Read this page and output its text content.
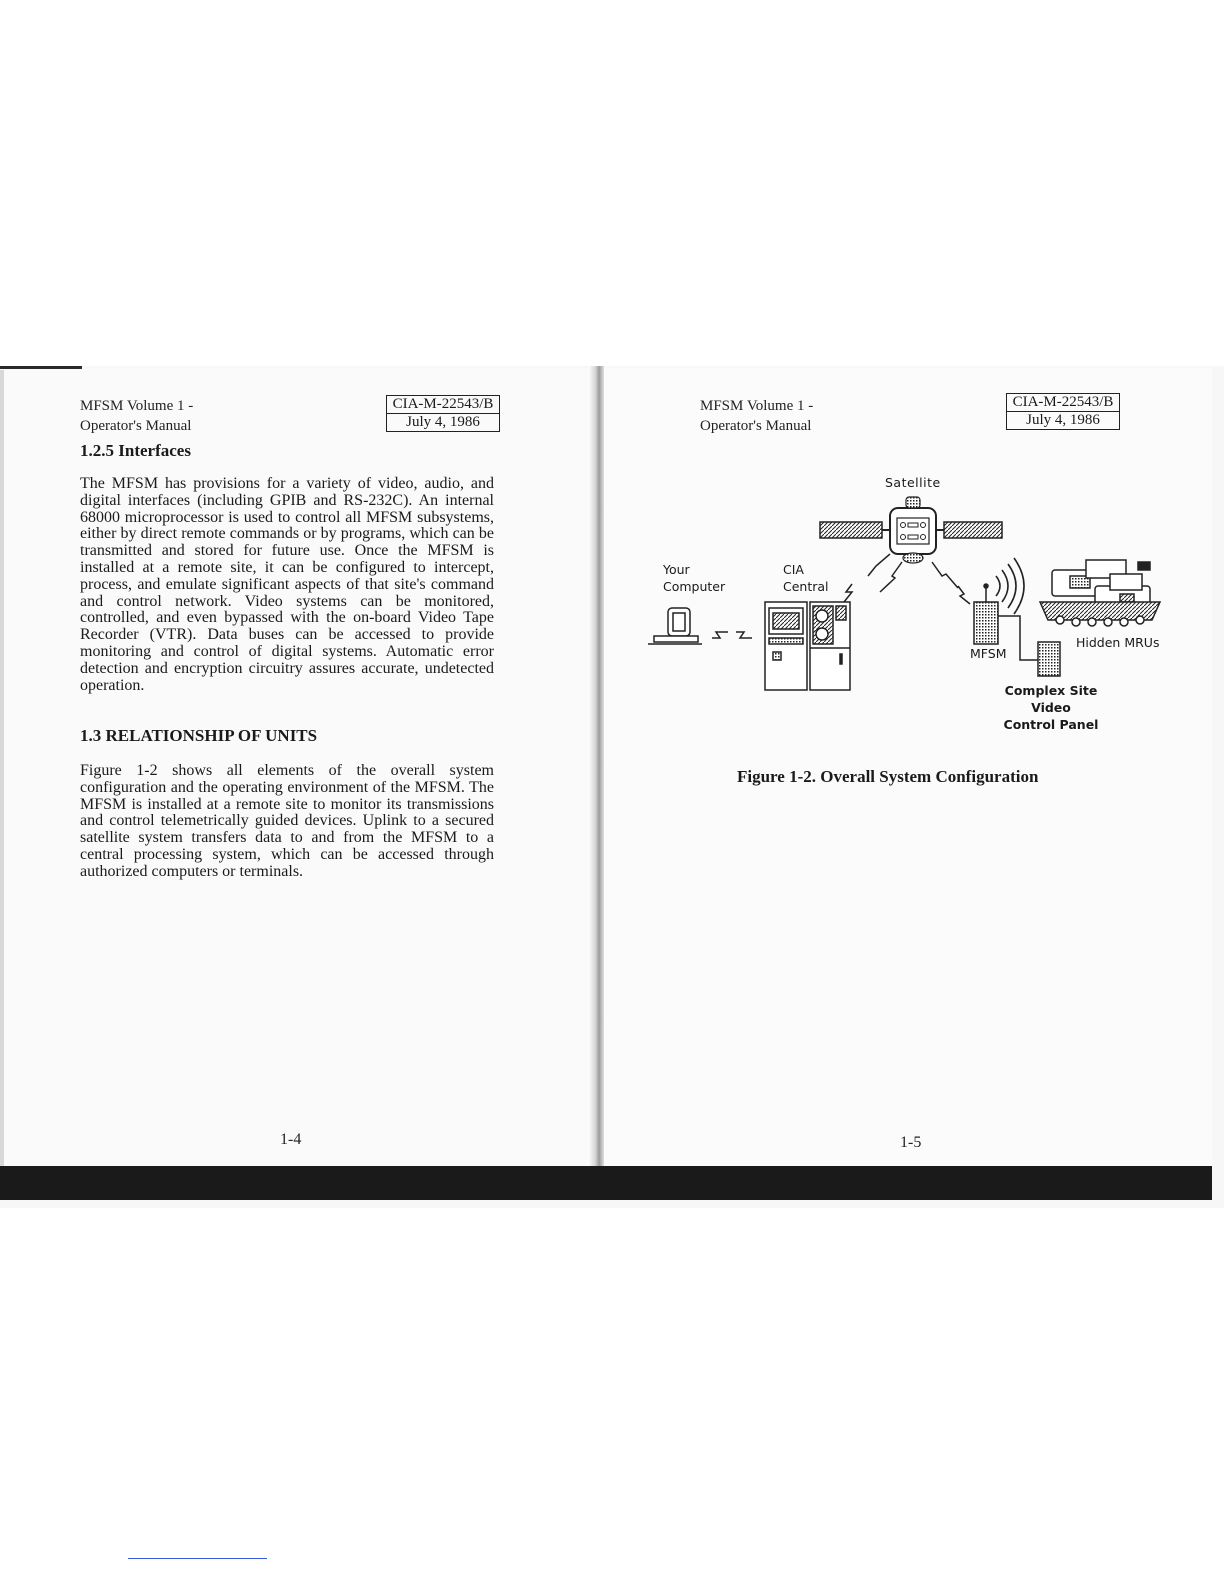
MFSM Volume 1 -
Operator's Manual
CIA-M-22543/B
July 4, 1986
1.2.5 Interfaces

The MFSM has provisions for a variety of video, audio, and digital interfaces (including GPIB and RS-232C). An internal 68000 microprocessor is used to control all MFSM subsystems, either by direct remote commands or by programs, which can be transmitted and stored for future use. Once the MFSM is installed at a remote site, it can be configured to intercept, process, and emulate significant aspects of that site's command and control network. Video systems can be monitored, controlled, and even bypassed with the on-board Video Tape Recorder (VTR). Data buses can be accessed to provide monitoring and control of digital systems. Automatic error detection and encryption circuitry assures accurate, undetected operation.

1.3 RELATIONSHIP OF UNITS

Figure 1-2 shows all elements of the overall system configuration and the operating environment of the MFSM. The MFSM is installed at a remote site to monitor its transmissions and control telemetrically guided devices. Uplink to a secured satellite system transfers data to and from the MFSM to a central processing system, which can be accessed through authorized computers or terminals.

1-4
MFSM Volume 1 -
Operator's Manual
CIA-M-22543/B
July 4, 1986
Satellite
Your
Computer
CIA
Central
MFSM
Hidden MRUs
Complex Site Video
Control Panel
Figure 1-2. Overall System Configuration
1-5
